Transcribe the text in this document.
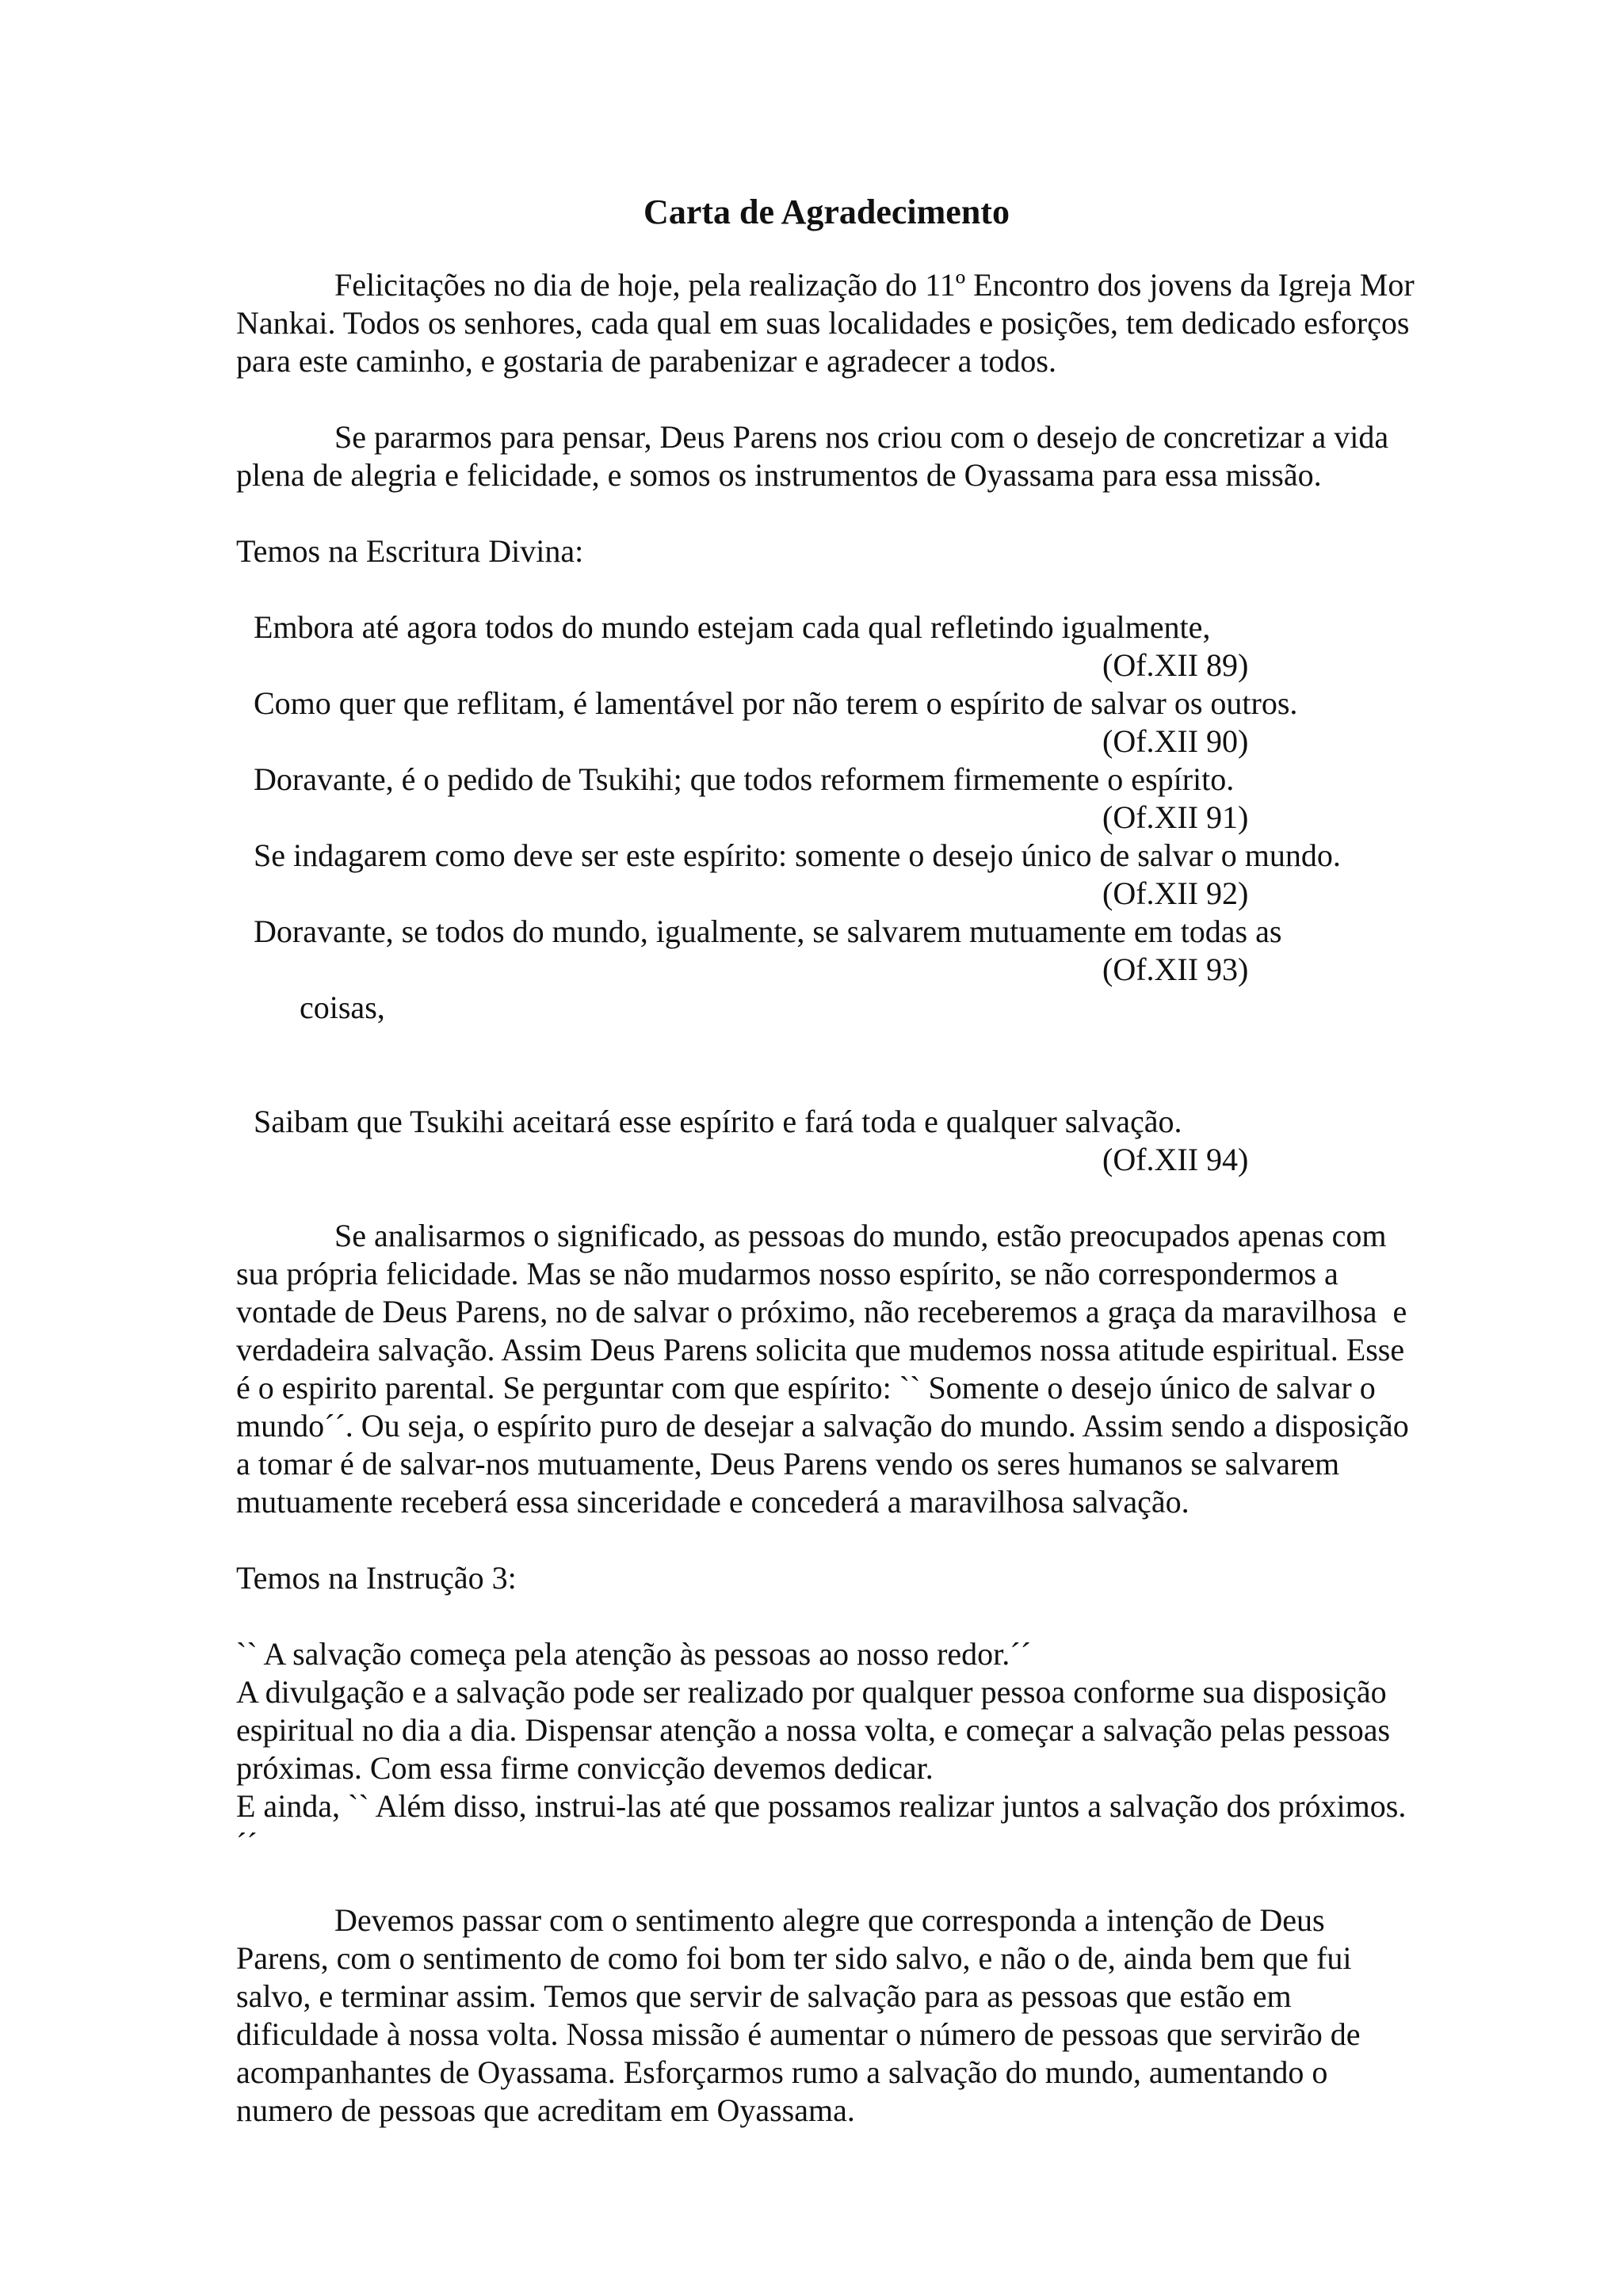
Carta de Agradecimento

Felicitações no dia de hoje, pela realização do 11º Encontro dos jovens da Igreja Mor Nankai. Todos os senhores, cada qual em suas localidades e posições, tem dedicado esforços para este caminho, e gostaria de parabenizar e agradecer a todos.

Se pararmos para pensar, Deus Parens nos criou com o desejo de concretizar a vida plena de alegria e felicidade, e somos os instrumentos de Oyassama para essa missão.

Temos na Escritura Divina:

Embora até agora todos do mundo estejam cada qual refletindo igualmente,

(Of.XII 89)

Como quer que reflitam, é lamentável por não terem o espírito de salvar os outros.

(Of.XII 90)

Doravante, é o pedido de Tsukihi; que todos reformem firmemente o espírito.

(Of.XII 91)

Se indagarem como deve ser este espírito: somente o desejo único de salvar o mundo.

(Of.XII 92)

Doravante, se todos do mundo, igualmente, se salvarem mutuamente em todas as

coisas,

(Of.XII 93)

Saibam que Tsukihi aceitará esse espírito e fará toda e qualquer salvação.

(Of.XII 94)

Se analisarmos o significado, as pessoas do mundo, estão preocupados apenas com sua própria felicidade. Mas se não mudarmos nosso espírito, se não correspondermos a vontade de Deus Parens, no de salvar o próximo, não receberemos a graça da maravilhosa  e verdadeira salvação. Assim Deus Parens solicita que mudemos nossa atitude espiritual. Esse é o espirito parental. Se perguntar com que espírito: `` Somente o desejo único de salvar o mundo´´. Ou seja, o espírito puro de desejar a salvação do mundo. Assim sendo a disposição a tomar é de salvar-nos mutuamente, Deus Parens vendo os seres humanos se salvarem mutuamente receberá essa sinceridade e concederá a maravilhosa salvação.

Temos na Instrução 3:

`` A salvação começa pela atenção às pessoas ao nosso redor.´´

A divulgação e a salvação pode ser realizado por qualquer pessoa conforme sua disposição espiritual no dia a dia. Dispensar atenção a nossa volta, e começar a salvação pelas pessoas próximas. Com essa firme convicção devemos dedicar.

E ainda, `` Além disso, instrui-las até que possamos realizar juntos a salvação dos próximos.´´

Devemos passar com o sentimento alegre que corresponda a intenção de Deus Parens, com o sentimento de como foi bom ter sido salvo, e não o de, ainda bem que fui salvo, e terminar assim. Temos que servir de salvação para as pessoas que estão em dificuldade à nossa volta. Nossa missão é aumentar o número de pessoas que servirão de acompanhantes de Oyassama. Esforçarmos rumo a salvação do mundo, aumentando o numero de pessoas que acreditam em Oyassama.
